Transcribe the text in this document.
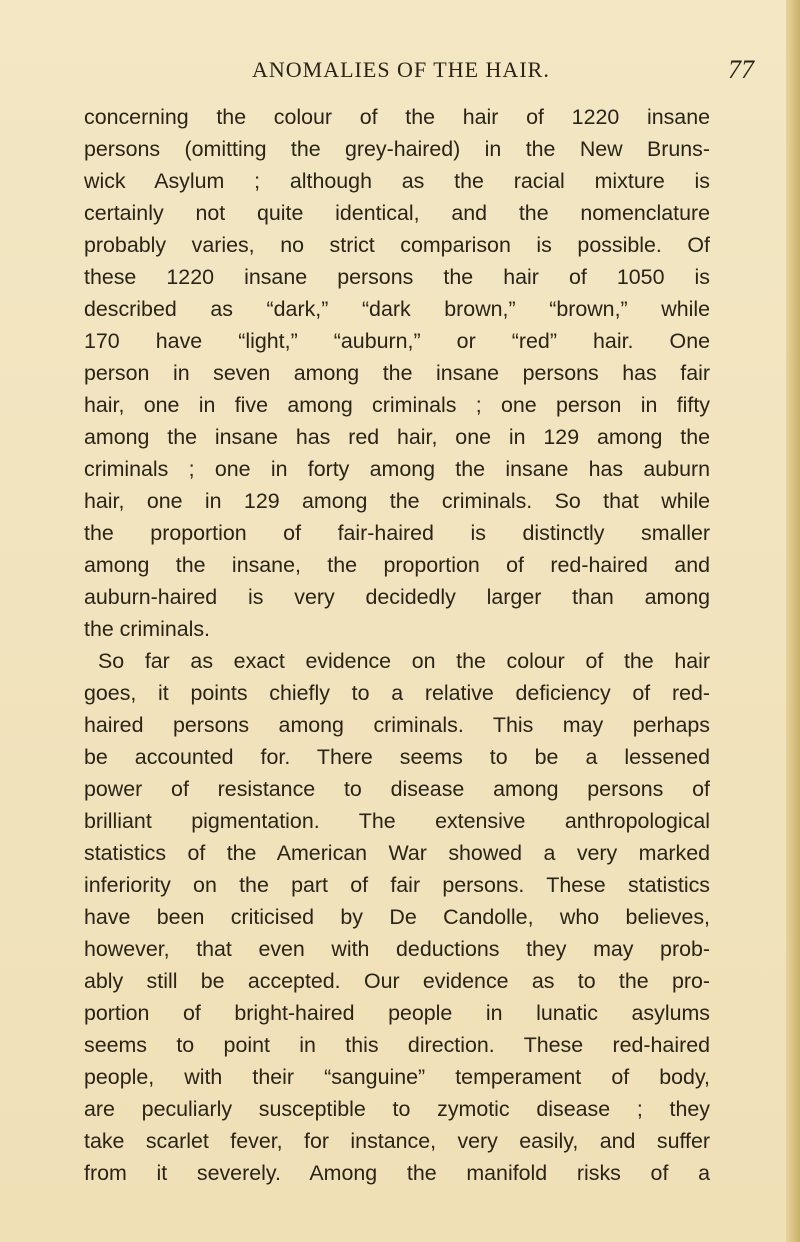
ANOMALIES OF THE HAIR.	77
concerning the colour of the hair of 1220 insane
persons (omitting the grey-haired) in the New Bruns-
wick Asylum ; although as the racial mixture is
certainly not quite identical, and the nomenclature
probably varies, no strict comparison is possible. Of
these 1220 insane persons the hair of 1050 is
described as “dark,” “dark brown,” “brown,” while
170 have “light,” “auburn,” or “red” hair. One
person in seven among the insane persons has fair
hair, one in five among criminals ; one person in fifty
among the insane has red hair, one in 129 among the
criminals ; one in forty among the insane has auburn
hair, one in 129 among the criminals. So that while
the proportion of fair-haired is distinctly smaller
among the insane, the proportion of red-haired and
auburn-haired is very decidedly larger than among
the criminals.
So far as exact evidence on the colour of the hair
goes, it points chiefly to a relative deficiency of red-
haired persons among criminals. This may perhaps
be accounted for. There seems to be a lessened
power of resistance to disease among persons of
brilliant pigmentation. The extensive anthropological
statistics of the American War showed a very marked
inferiority on the part of fair persons. These statistics
have been criticised by De Candolle, who believes,
however, that even with deductions they may prob-
ably still be accepted. Our evidence as to the pro-
portion of bright-haired people in lunatic asylums
seems to point in this direction. These red-haired
people, with their “sanguine” temperament of body,
are peculiarly susceptible to zymotic disease ; they
take scarlet fever, for instance, very easily, and suffer
from it severely. Among the manifold risks of a
